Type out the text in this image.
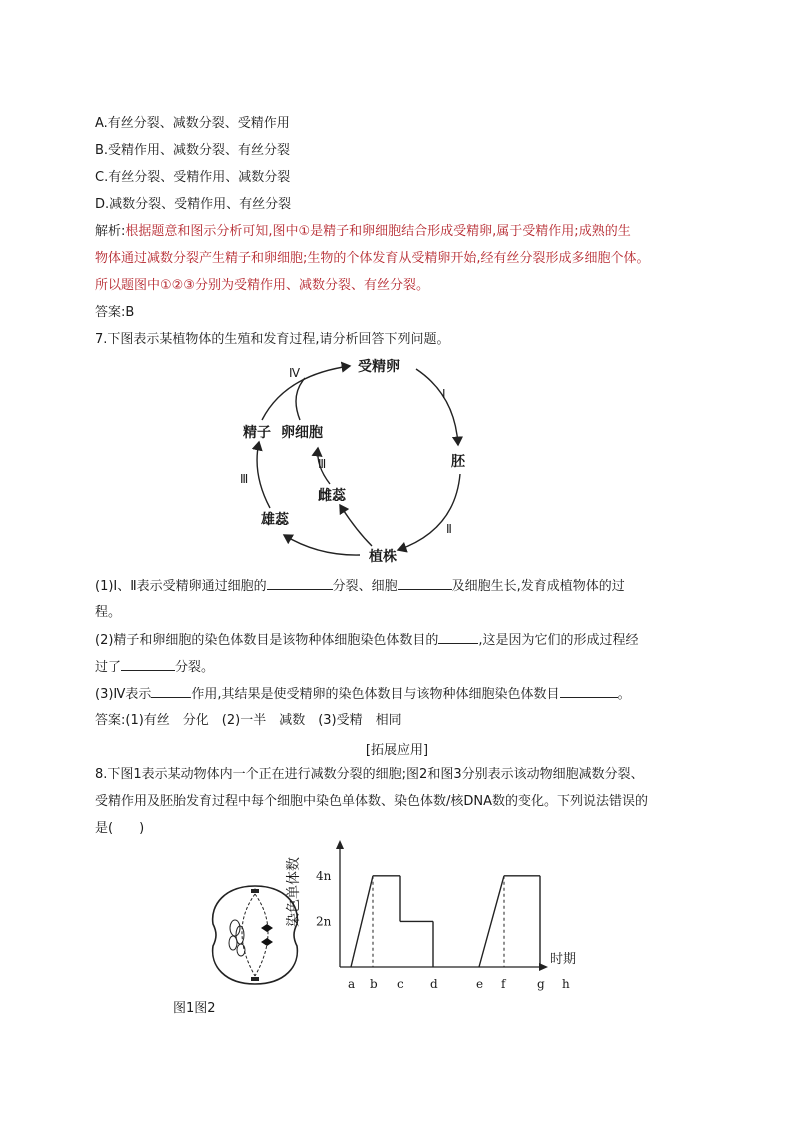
A.有丝分裂、减数分裂、受精作用
B.受精作用、减数分裂、有丝分裂
C.有丝分裂、受精作用、减数分裂
D.减数分裂、受精作用、有丝分裂
解析:根据题意和图示分析可知,图中①是精子和卵细胞结合形成受精卵,属于受精作用;成熟的生
物体通过减数分裂产生精子和卵细胞;生物的个体发育从受精卵开始,经有丝分裂形成多细胞个体。
所以题图中①②③分别为受精作用、减数分裂、有丝分裂。
答案:B
7.下图表示某植物体的生殖和发育过程,请分析回答下列问题。
受精卵
胚
植株
雄蕊
雌蕊
精子 卵细胞
Ⅰ
Ⅱ
Ⅲ
Ⅲ
Ⅳ
(1)Ⅰ、Ⅱ表示受精卵通过细胞的	分裂、细胞	及细胞生长,发育成植物体的过
程。
(2)精子和卵细胞的染色体数目是该物种体细胞染色体数目的	,这是因为它们的形成过程经
过了	分裂。
(3)Ⅳ表示	作用,其结果是使受精卵的染色体数目与该物种体细胞染色体数目	。
答案:(1)有丝　分化　(2)一半　减数　(3)受精　相同
[拓展应用]
8.下图1表示某动物体内一个正在进行减数分裂的细胞;图2和图3分别表示该动物细胞减数分裂、
受精作用及胚胎发育过程中每个细胞中染色单体数、染色体数/核DNA数的变化。下列说法错误的
是(　　)
染色单体数
时期
a b c d	e f	g h
2n
4n
图1图2
